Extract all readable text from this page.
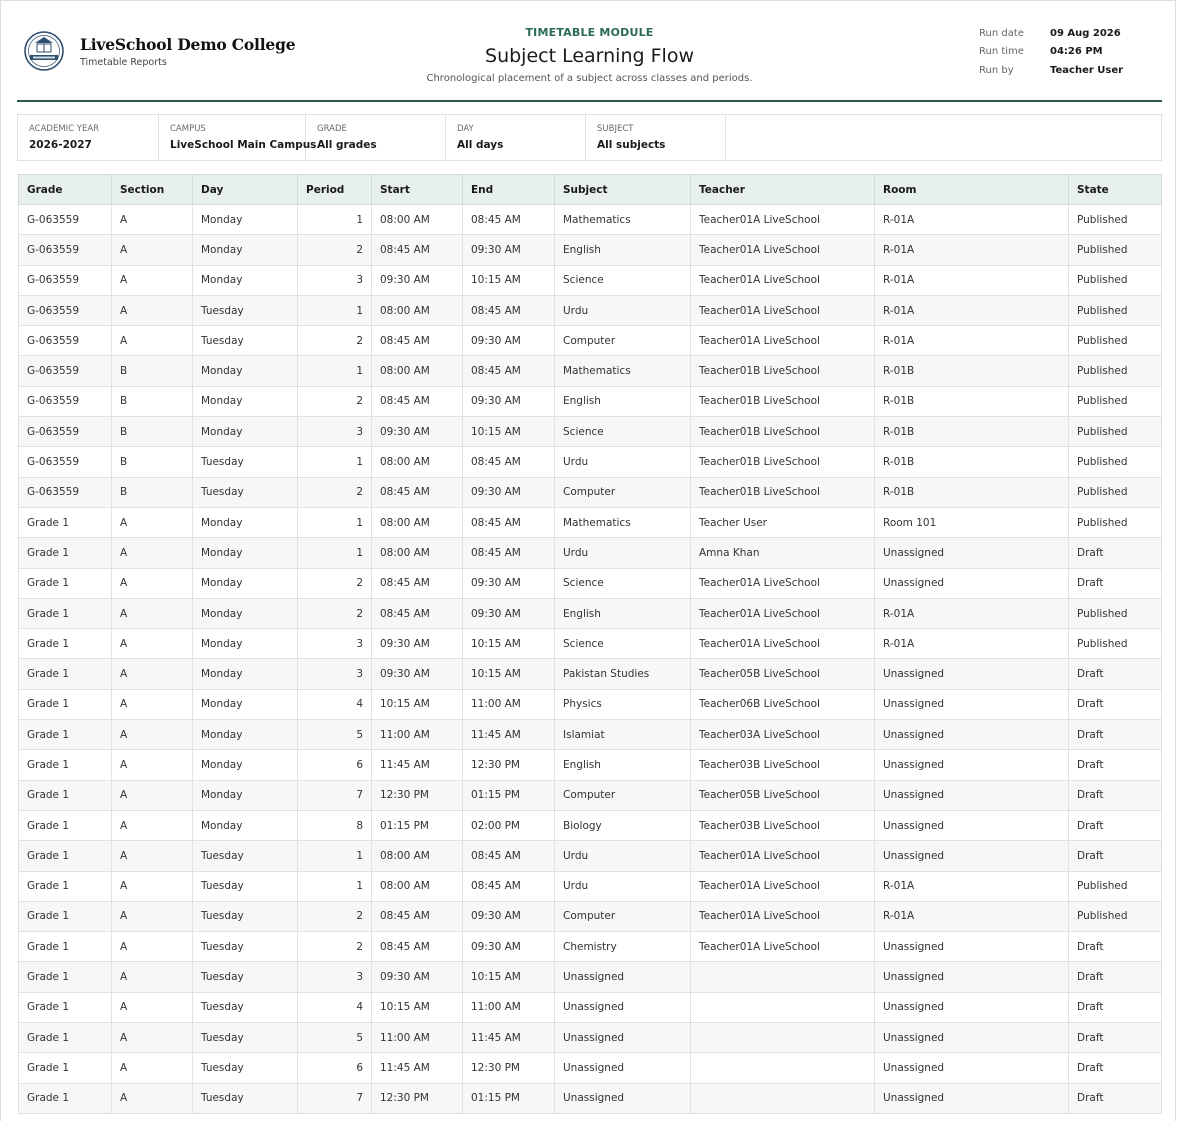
LiveSchool Demo College
Timetable Reports
TIMETABLE MODULE
Subject Learning Flow
Chronological placement of a subject across classes and periods.
Run date	09 Aug 2026
Run time	04:26 PM
Run by	Teacher User
ACADEMIC YEAR
2026-2027
CAMPUS
LiveSchool Main Campus
GRADE
All grades
DAY
All days
SUBJECT
All subjects
Grade	Section	Day	Period	Start	End	Subject	Teacher	Room	State
G-063559	A	Monday	1	08:00 AM	08:45 AM	Mathematics	Teacher01A LiveSchool	R-01A	Published
G-063559	A	Monday	2	08:45 AM	09:30 AM	English	Teacher01A LiveSchool	R-01A	Published
G-063559	A	Monday	3	09:30 AM	10:15 AM	Science	Teacher01A LiveSchool	R-01A	Published
G-063559	A	Tuesday	1	08:00 AM	08:45 AM	Urdu	Teacher01A LiveSchool	R-01A	Published
G-063559	A	Tuesday	2	08:45 AM	09:30 AM	Computer	Teacher01A LiveSchool	R-01A	Published
G-063559	B	Monday	1	08:00 AM	08:45 AM	Mathematics	Teacher01B LiveSchool	R-01B	Published
G-063559	B	Monday	2	08:45 AM	09:30 AM	English	Teacher01B LiveSchool	R-01B	Published
G-063559	B	Monday	3	09:30 AM	10:15 AM	Science	Teacher01B LiveSchool	R-01B	Published
G-063559	B	Tuesday	1	08:00 AM	08:45 AM	Urdu	Teacher01B LiveSchool	R-01B	Published
G-063559	B	Tuesday	2	08:45 AM	09:30 AM	Computer	Teacher01B LiveSchool	R-01B	Published
Grade 1	A	Monday	1	08:00 AM	08:45 AM	Mathematics	Teacher User	Room 101	Published
Grade 1	A	Monday	1	08:00 AM	08:45 AM	Urdu	Amna Khan	Unassigned	Draft
Grade 1	A	Monday	2	08:45 AM	09:30 AM	Science	Teacher01A LiveSchool	Unassigned	Draft
Grade 1	A	Monday	2	08:45 AM	09:30 AM	English	Teacher01A LiveSchool	R-01A	Published
Grade 1	A	Monday	3	09:30 AM	10:15 AM	Science	Teacher01A LiveSchool	R-01A	Published
Grade 1	A	Monday	3	09:30 AM	10:15 AM	Pakistan Studies	Teacher05B LiveSchool	Unassigned	Draft
Grade 1	A	Monday	4	10:15 AM	11:00 AM	Physics	Teacher06B LiveSchool	Unassigned	Draft
Grade 1	A	Monday	5	11:00 AM	11:45 AM	Islamiat	Teacher03A LiveSchool	Unassigned	Draft
Grade 1	A	Monday	6	11:45 AM	12:30 PM	English	Teacher03B LiveSchool	Unassigned	Draft
Grade 1	A	Monday	7	12:30 PM	01:15 PM	Computer	Teacher05B LiveSchool	Unassigned	Draft
Grade 1	A	Monday	8	01:15 PM	02:00 PM	Biology	Teacher03B LiveSchool	Unassigned	Draft
Grade 1	A	Tuesday	1	08:00 AM	08:45 AM	Urdu	Teacher01A LiveSchool	Unassigned	Draft
Grade 1	A	Tuesday	1	08:00 AM	08:45 AM	Urdu	Teacher01A LiveSchool	R-01A	Published
Grade 1	A	Tuesday	2	08:45 AM	09:30 AM	Computer	Teacher01A LiveSchool	R-01A	Published
Grade 1	A	Tuesday	2	08:45 AM	09:30 AM	Chemistry	Teacher01A LiveSchool	Unassigned	Draft
Grade 1	A	Tuesday	3	09:30 AM	10:15 AM	Unassigned		Unassigned	Draft
Grade 1	A	Tuesday	4	10:15 AM	11:00 AM	Unassigned		Unassigned	Draft
Grade 1	A	Tuesday	5	11:00 AM	11:45 AM	Unassigned		Unassigned	Draft
Grade 1	A	Tuesday	6	11:45 AM	12:30 PM	Unassigned		Unassigned	Draft
Grade 1	A	Tuesday	7	12:30 PM	01:15 PM	Unassigned		Unassigned	Draft
